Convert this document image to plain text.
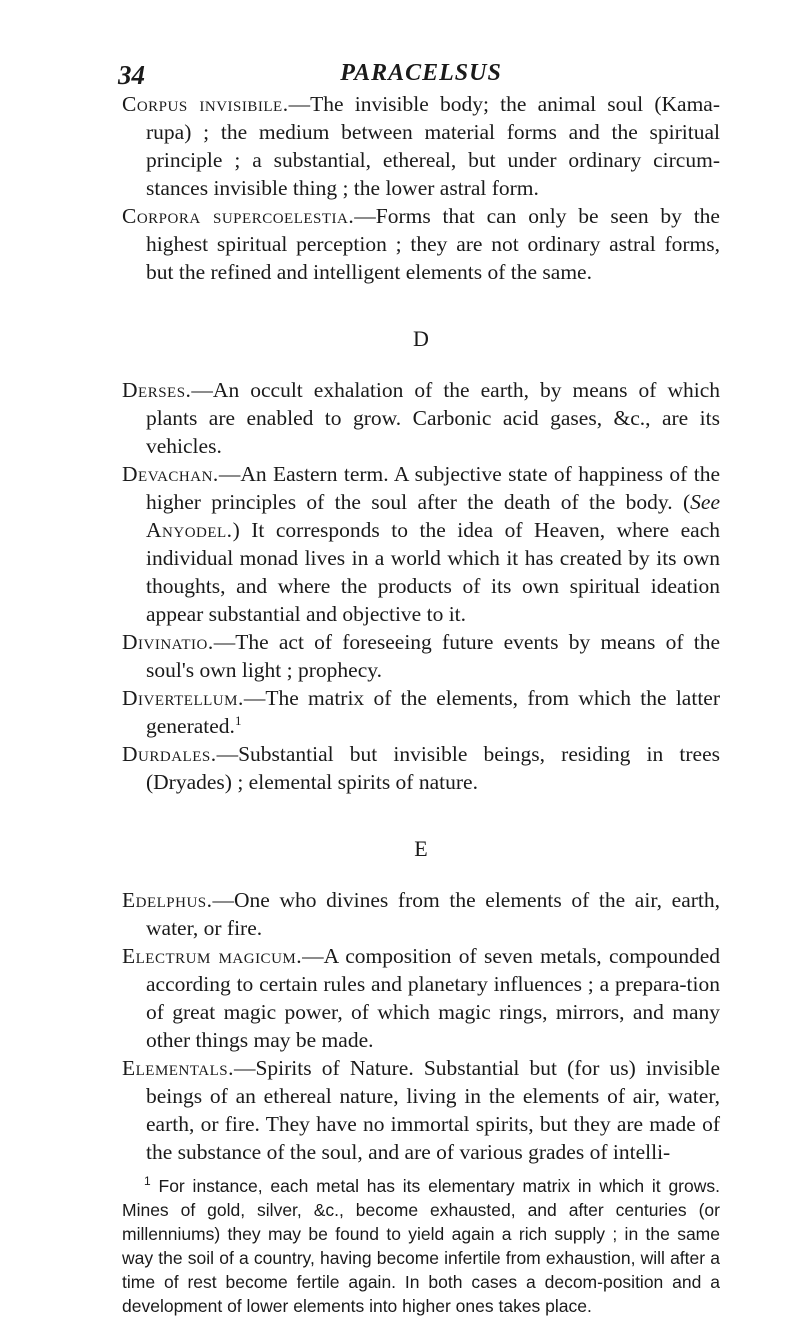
34	PARACELSUS

Corpus invisibile.—The invisible body; the animal soul (Kama-rupa) ; the medium between material forms and the spiritual principle ; a substantial, ethereal, but under ordinary circum-stances invisible thing ; the lower astral form.

Corpora supercoelestia.—Forms that can only be seen by the highest spiritual perception ; they are not ordinary astral forms, but the refined and intelligent elements of the same.

D

Derses.—An occult exhalation of the earth, by means of which plants are enabled to grow. Carbonic acid gases, &c., are its vehicles.

Devachan.—An Eastern term. A subjective state of happiness of the higher principles of the soul after the death of the body. (See Anyodel.) It corresponds to the idea of Heaven, where each individual monad lives in a world which it has created by its own thoughts, and where the products of its own spiritual ideation appear substantial and objective to it.

Divinatio.—The act of foreseeing future events by means of the soul's own light ; prophecy.

Divertellum.—The matrix of the elements, from which the latter generated.$^1$

Durdales.—Substantial but invisible beings, residing in trees (Dryades) ; elemental spirits of nature.

E

Edelphus.—One who divines from the elements of the air, earth, water, or fire.

Electrum magicum.—A composition of seven metals, compounded according to certain rules and planetary influences ; a prepara-tion of great magic power, of which magic rings, mirrors, and many other things may be made.

Elementals.—Spirits of Nature. Substantial but (for us) invisible beings of an ethereal nature, living in the elements of air, water, earth, or fire. They have no immortal spirits, but they are made of the substance of the soul, and are of various grades of intelli-

$^1$ For instance, each metal has its elementary matrix in which it grows. Mines of gold, silver, &c., become exhausted, and after centuries (or millenniums) they may be found to yield again a rich supply ; in the same way the soil of a country, having become infertile from exhaustion, will after a time of rest become fertile again. In both cases a decom-position and a development of lower elements into higher ones takes place.
